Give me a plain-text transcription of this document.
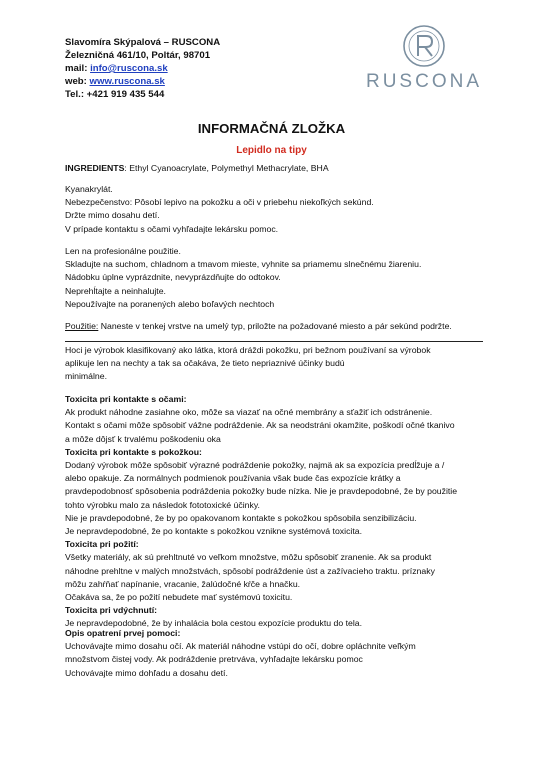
Slavomíra Skýpalová – RUSCONA
Železničná 461/10, Poltár, 98701
mail: info@ruscona.sk
web: www.ruscona.sk
Tel.: +421 919 435 544
RUSCONA
INFORMAČNÁ ZLOŽKA
Lepidlo na tipy
INGREDIENTS: Ethyl Cyanoacrylate, Polymethyl Methacrylate, BHA
Kyanakrylát.
Nebezpečenstvo: Pôsobí lepivo na pokožku a oči v priebehu niekoľkých sekúnd.
Držte mimo dosahu detí.
V prípade kontaktu s očami vyhľadajte lekársku pomoc.
Len na profesionálne použitie.
Skladujte na suchom, chladnom a tmavom mieste, vyhnite sa priamemu slnečnému žiareniu.
Nádobku úplne vyprázdnite, nevyprázdňujte do odtokov.
Neprehĺtajte a neinhalujte.
Nepoužívajte na poranených alebo boľavých nechtoch
Použitie: Naneste v tenkej vrstve na umelý typ, priložte na požadované miesto a pár sekúnd podržte.
Hoci je výrobok klasifikovaný ako látka, ktorá dráždi pokožku, pri bežnom používaní sa výrobok
aplikuje len na nechty a tak sa očakáva, že tieto nepriaznivé účinky budú
minimálne.
Toxicita pri kontakte s očami:
Ak produkt náhodne zasiahne oko, môže sa viazať na očné membrány a sťažiť ich odstránenie.
Kontakt s očami môže spôsobiť vážne podráždenie. Ak sa neodstráni okamžite, poškodí očné tkanivo
a môže dôjsť k trvalému poškodeniu oka
Toxicita pri kontakte s pokožkou:
Dodaný výrobok môže spôsobiť výrazné podráždenie pokožky, najmä ak sa expozícia predĺžuje a /
alebo opakuje. Za normálnych podmienok používania však bude čas expozície krátky a
pravdepodobnosť spôsobenia podráždenia pokožky bude nízka. Nie je pravdepodobné, že by použitie
tohto výrobku malo za následok fototoxické účinky.
Nie je pravdepodobné, že by po opakovanom kontakte s pokožkou spôsobila senzibilizáciu.
Je nepravdepodobné, že po kontakte s pokožkou vznikne systémová toxicita.
Toxicita pri požití:
Všetky materiály, ak sú prehltnuté vo veľkom množstve, môžu spôsobiť zranenie. Ak sa produkt
náhodne prehltne v malých množstvách, spôsobí podráždenie úst a zažívacieho traktu. príznaky
môžu zahŕňať napínanie, vracanie, žalúdočné kŕče a hnačku.
Očakáva sa, že po požití nebudete mať systémovú toxicitu.
Toxicita pri vdýchnutí:
Je nepravdepodobné, že by inhalácia bola cestou expozície produktu do tela.
Opis opatrení prvej pomoci:
Uchovávajte mimo dosahu očí. Ak materiál náhodne vstúpi do očí, dobre opláchnite veľkým
množstvom čistej vody. Ak podráždenie pretrváva, vyhľadajte lekársku pomoc
Uchovávajte mimo dohľadu a dosahu detí.
